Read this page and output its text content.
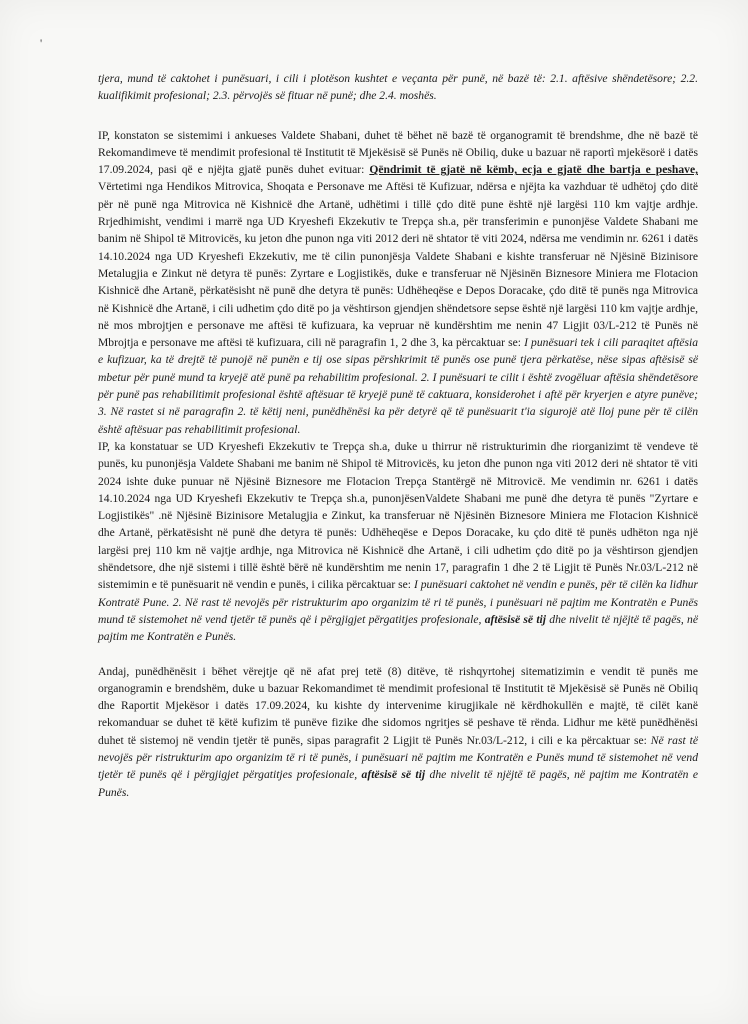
'

tjera, mund të caktohet i punësuari, i cili i plotëson kushtet e veçanta për punë, në bazë të: 2.1. aftësive shëndetësore; 2.2. kualifikimit profesional; 2.3. përvojës së fituar në punë; dhe 2.4. moshës.

IP, konstaton se sistemimi i ankueses Valdete Shabani, duhet të bëhet në bazë të organogramit të brendshme, dhe në bazë të Rekomandimeve të mendimit profesional të Institutit të Mjekësisë së Punës në Obiliq, duke u bazuar në raportì mjekësorë i datës 17.09.2024, pasi që e njëjta gjatë punës duhet evituar: Qëndrimit të gjatë në këmb, ecja e gjatë dhe bartja e peshave, Vërtetimi nga Hendikos Mitrovica, Shoqata e Personave me Aftësi të Kufizuar, ndërsa e njëjta ka vazhduar të udhëtoj çdo ditë për në punë nga Mitrovica në Kishnicë dhe Artanë, udhëtimi i tillë çdo ditë pune është një largësi 110 km vajtje ardhje. Rrjedhimisht, vendimi i marrë nga UD Kryeshefi Ekzekutiv te Trepça sh.a, për transferimin e punonjëse Valdete Shabani me banim në Shipol të Mitrovicës, ku jeton dhe punon nga viti 2012 deri në shtator të viti 2024, ndërsa me vendimin nr. 6261 i datës 14.10.2024 nga UD Kryeshefi Ekzekutiv, me të cilin punonjësja Valdete Shabani e kishte transferuar në Njësinë Bizinisore Metalugjia e Zinkut në detyra të punës: Zyrtare e Logjistikës, duke e transferuar në Njësinën Biznesore Miniera me Flotacion Kishnicë dhe Artanë, përkatësisht në punë dhe detyra të punës: Udhëheqëse e Depos Doracake, çdo ditë të punës nga Mitrovica në Kishnicë dhe Artanë, i cili udhetim çdo ditë po ja vështirson gjendjen shëndetsore sepse është një largësi 110 km vajtje ardhje, në mos mbrojtjen e personave me aftësi të kufizuara, ka vepruar në kundërshtim me nenin 47 Ligjit 03/L-212 të Punës në Mbrojtja e personave me aftësi të kufizuara, cili në paragrafin 1, 2 dhe 3, ka përcaktuar se: I punësuari tek i cili paraqitet aftësia e kufizuar, ka të drejtë të punojë në punën e tij ose sipas përshkrimit të punës ose punë tjera përkatëse, nëse sipas aftësisë së mbetur për punë mund ta kryejë atë punë pa rehabilitim profesional. 2. I punësuari te cilit i është zvogëluar aftësia shëndetësore për punë pas rehabilitimit profesional është aftësuar të kryejë punë të caktuara, konsiderohet i aftë për kryerjen e atyre punëve; 3. Në rastet si në paragrafin 2. të këtij neni, punëdhënësi ka për detyrë që të punësuarit t'ia sigurojë atë lloj pune për të cilën është aftësuar pas rehabilitimit profesional.

IP, ka konstatuar se UD Kryeshefi Ekzekutiv te Trepça sh.a, duke u thirrur në ristrukturimin dhe riorganizimt të vendeve të punës, ku punonjësja Valdete Shabani me banim në Shipol të Mitrovicës, ku jeton dhe punon nga viti 2012 deri në shtator të viti 2024 ishte duke punuar në Njësinë Biznesore me Flotacion Trepça Stantërgë në Mitrovicë. Me vendimin nr. 6261 i datës 14.10.2024 nga UD Kryeshefi Ekzekutiv te Trepça sh.a, punonjësenValdete Shabani me punë dhe detyra të punës "Zyrtare e Logjistikës" .në Njësinë Bizinisore Metalugjia e Zinkut, ka transferuar në Njësinën Biznesore Miniera me Flotacion Kishnicë dhe Artanë, përkatësisht në punë dhe detyra të punës: Udhëheqëse e Depos Doracake, ku çdo ditë të punës udhëton nga një largësi prej 110 km në vajtje ardhje, nga Mitrovica në Kishnicë dhe Artanë, i cili udhetim çdo ditë po ja vështirson gjendjen shëndetsore, dhe një sistemi i tillë është bërë në kundërshtim me nenin 17, paragrafin 1 dhe 2 të Ligjit të Punës Nr.03/L-212 në sistemimin e të punësuarit në vendin e punës, i cilika përcaktuar se: I punësuari caktohet në vendin e punës, për të cilën ka lidhur Kontratë Pune. 2. Në rast të nevojës për ristrukturim apo organizim të ri të punës, i punësuari në pajtim me Kontratën e Punës mund të sistemohet në vend tjetër të punës që i përgjigjet përgatitjes profesionale, aftësisë së tij dhe nivelit të njëjtë të pagës, në pajtim me Kontratën e Punës.

Andaj, punëdhënësit i bëhet vërejtje që në afat prej tetë (8) ditëve, të rishqyrtohej sitematizimin e vendit të punës me organogramin e brendshëm, duke u bazuar Rekomandimet të mendimit profesional të Institutit të Mjekësisë së Punës në Obiliq dhe Raportit Mjekësor i datës 17.09.2024, ku kishte dy intervenime kirugjikale në kërdhokullën e majtë, të cilët kanë rekomanduar se duhet të këtë kufizim të punëve fizike dhe sidomos ngritjes së peshave të rënda. Lidhur me këtë punëdhënësi duhet të sistemoj në vendin tjetër të punës, sipas paragrafit 2 Ligjit të Punës Nr.03/L-212, i cili e ka përcaktuar se: Në rast të nevojës për ristrukturim apo organizim të ri të punës, i punësuari në pajtim me Kontratën e Punës mund të sistemohet në vend tjetër të punës që i përgjigjet përgatitjes profesionale, aftësisë së tij dhe nivelit të njëjtë të pagës, në pajtim me Kontratën e Punës.
